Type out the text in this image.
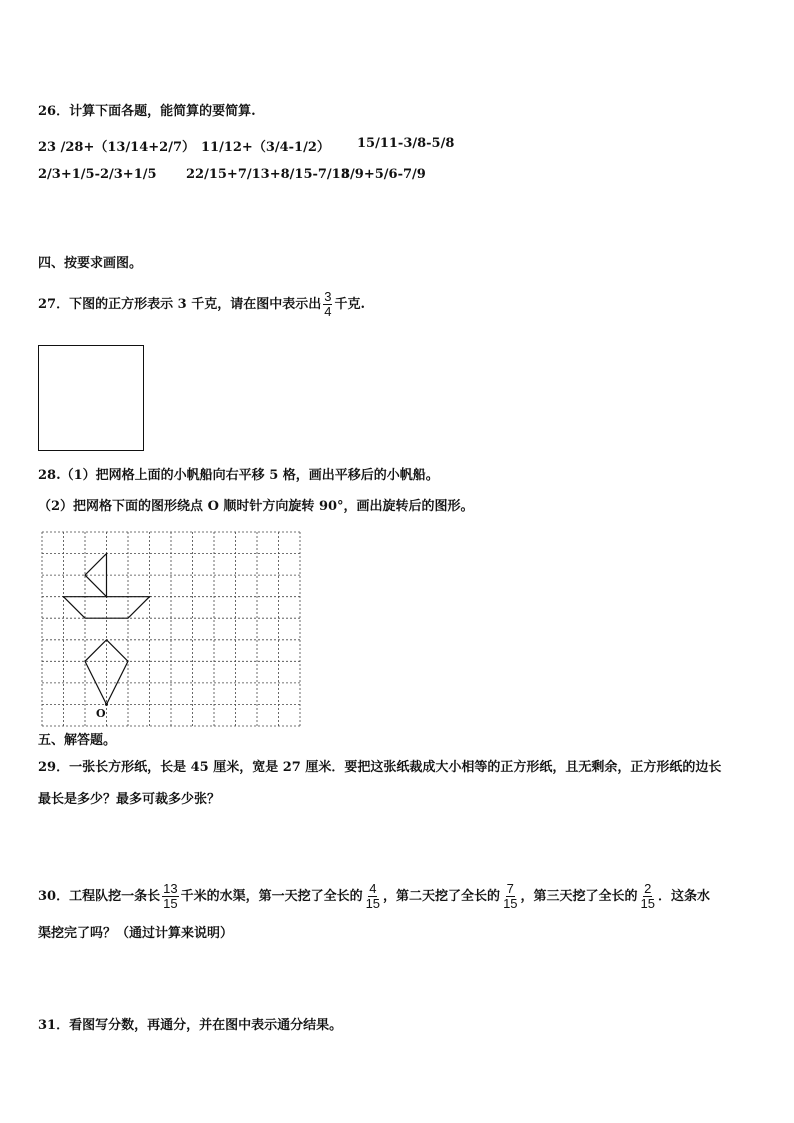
26．计算下面各题，能简算的要简算.
23 /28+（13/14+2/7） 11/12+（3/4-1/2） 15/11-3/8-5/8
2/3+1/5-2/3+1/5 22/15+7/13+8/15-7/13
8/9+5/6-7/9
四、按要求画图。
27．下图的正方形表示 3 千克，请在图中表示出 $\frac{3}{4}$ 千克.
28.（1）把网格上面的小帆船向右平移 5 格，画出平移后的小帆船。
（2）把网格下面的图形绕点 O 顺时针方向旋转 90°，画出旋转后的图形。
O
五、解答题。
29．一张长方形纸，长是 45 厘米，宽是 27 厘米．要把这张纸裁成大小相等的正方形纸，且无剩余，正方形纸的边长
最长是多少？最多可裁多少张？
30．工程队挖一条长 $\frac{13}{15}$ 千米的水渠，第一天挖了全长的 $\frac{4}{15}$ ，第二天挖了全长的 $\frac{7}{15}$ ，第三天挖了全长的 $\frac{2}{15}$ ．这条水
渠挖完了吗？（通过计算来说明）
31．看图写分数，再通分，并在图中表示通分结果。
